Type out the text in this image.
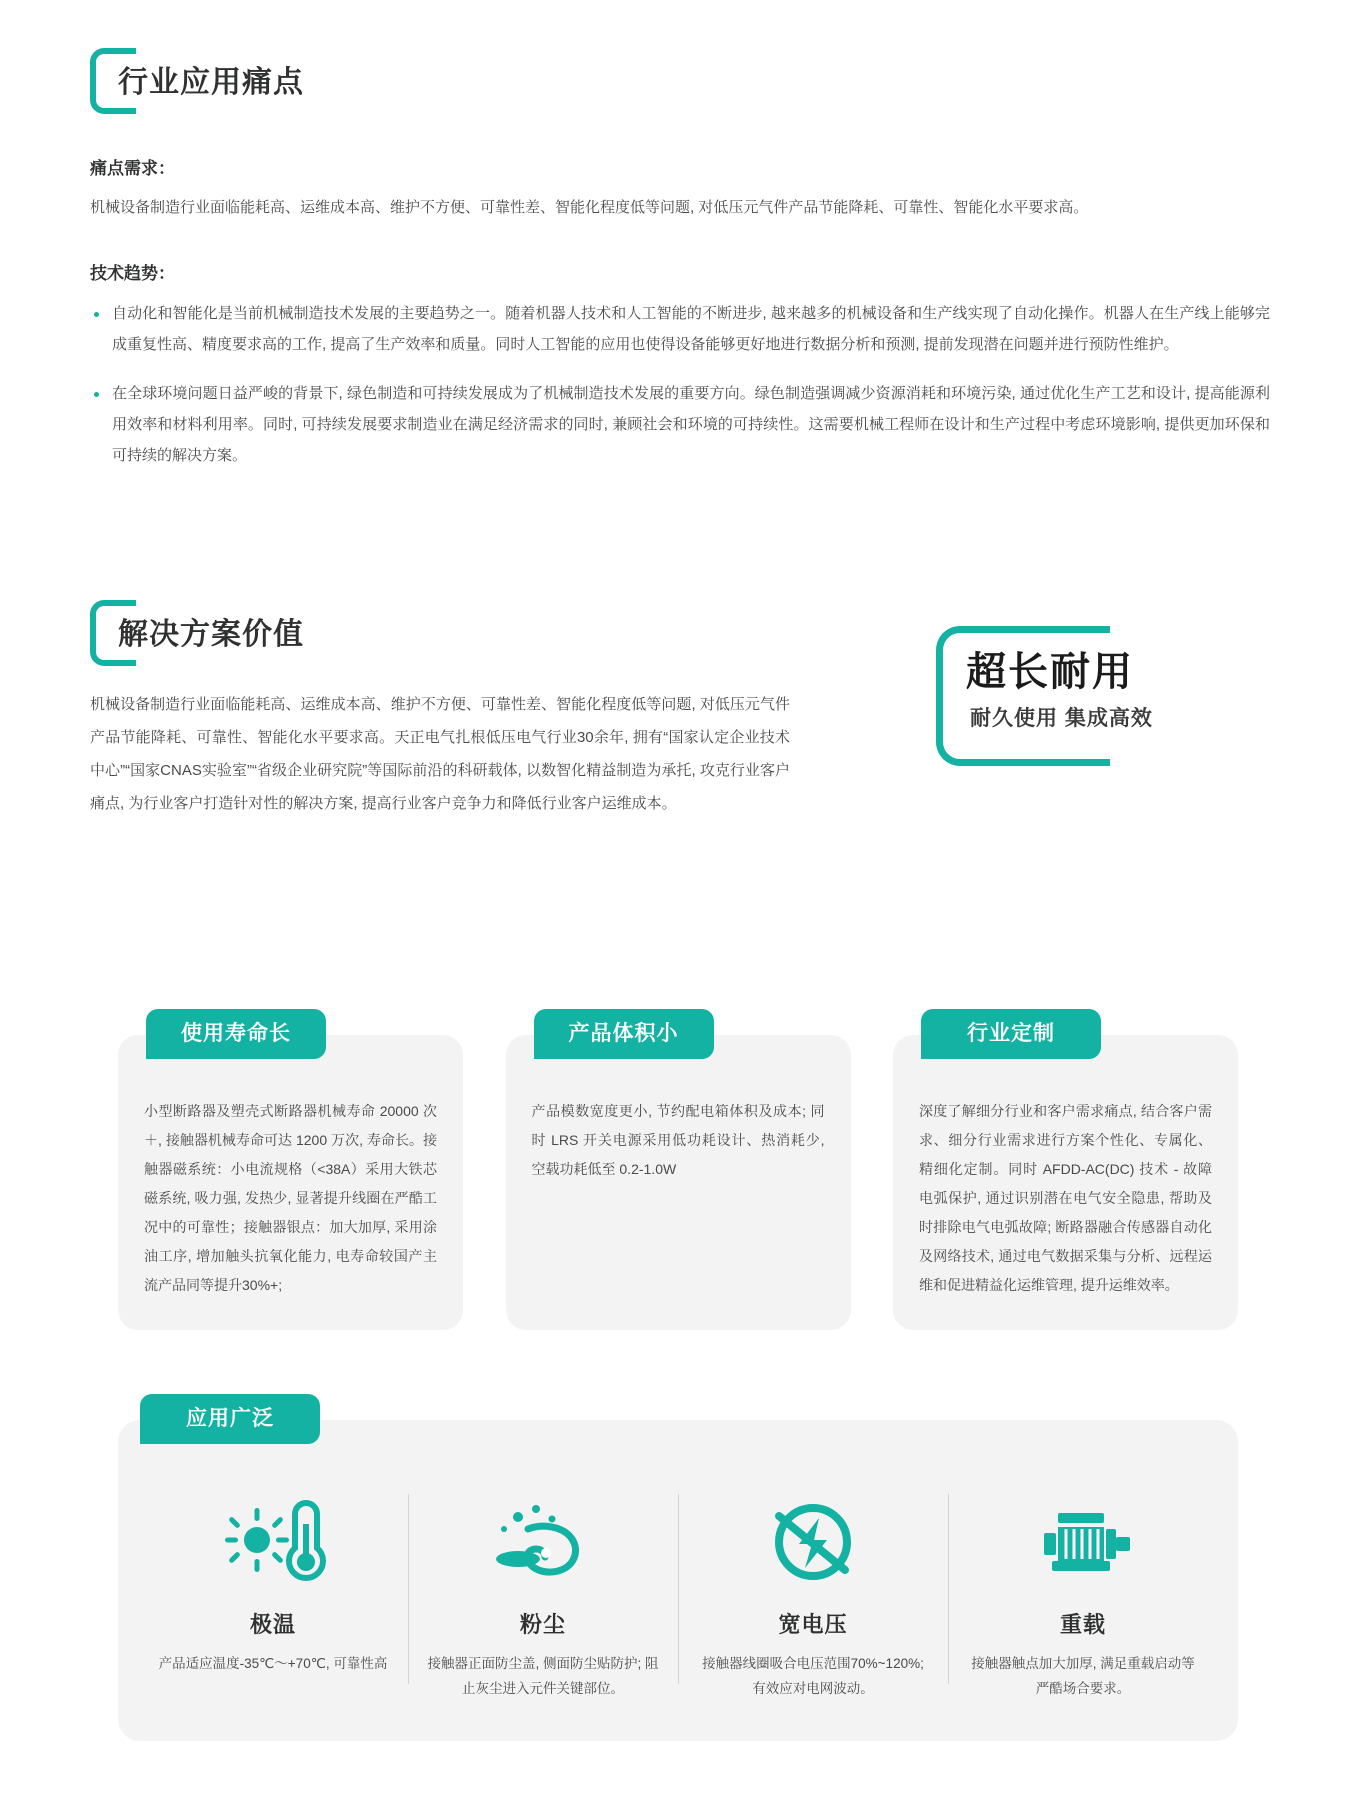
行业应用痛点
痛点需求：

机械设备制造行业面临能耗高、运维成本高、维护不方便、可靠性差、智能化程度低等问题, 对低压元气件产品节能降耗、可靠性、智能化水平要求高。

技术趋势：
自动化和智能化是当前机械制造技术发展的主要趋势之一。随着机器人技术和人工智能的不断进步, 越来越多的机械设备和生产线实现了自动化操作。机器人在生产线上能够完成重复性高、精度要求高的工作, 提高了生产效率和质量。同时人工智能的应用也使得设备能够更好地进行数据分析和预测, 提前发现潜在问题并进行预防性维护。
在全球环境问题日益严峻的背景下, 绿色制造和可持续发展成为了机械制造技术发展的重要方向。绿色制造强调减少资源消耗和环境污染, 通过优化生产工艺和设计, 提高能源利用效率和材料利用率。同时, 可持续发展要求制造业在满足经济需求的同时, 兼顾社会和环境的可持续性。这需要机械工程师在设计和生产过程中考虑环境影响, 提供更加环保和可持续的解决方案。
解决方案价值

机械设备制造行业面临能耗高、运维成本高、维护不方便、可靠性差、智能化程度低等问题, 对低压元气件产品节能降耗、可靠性、智能化水平要求高。天正电气扎根低压电气行业30余年, 拥有“国家认定企业技术中心”“国家CNAS实验室”“省级企业研究院”等国际前沿的科研载体, 以数智化精益制造为承托, 攻克行业客户痛点, 为行业客户打造针对性的解决方案, 提高行业客户竞争力和降低行业客户运维成本。

超长耐用
耐久使用 集成高效
使用寿命长
小型断路器及塑壳式断路器机械寿命 20000 次＋, 接触器机械寿命可达 1200 万次, 寿命长。接触器磁系统：小电流规格（<38A）采用大铁芯磁系统, 吸力强, 发热少, 显著提升线圈在严酷工况中的可靠性；接触器银点：加大加厚, 采用涂油工序, 增加触头抗氧化能力, 电寿命较国产主流产品同等提升30%+;
产品体积小
产品模数宽度更小, 节约配电箱体积及成本; 同时 LRS 开关电源采用低功耗设计、热消耗少, 空载功耗低至 0.2-1.0W
行业定制
深度了解细分行业和客户需求痛点, 结合客户需求、细分行业需求进行方案个性化、专属化、精细化定制。同时 AFDD-AC(DC) 技术 - 故障电弧保护, 通过识别潜在电气安全隐患, 帮助及时排除电气电弧故障; 断路器融合传感器自动化及网络技术, 通过电气数据采集与分析、远程运维和促进精益化运维管理, 提升运维效率。
应用广泛
极温
产品适应温度-35℃～+70℃, 可靠性高
粉尘
接触器正面防尘盖, 侧面防尘贴防护; 阻止灰尘进入元件关键部位。
宽电压
接触器线圈吸合电压范围70%~120%; 有效应对电网波动。
重载
接触器触点加大加厚, 满足重载启动等严酷场合要求。
